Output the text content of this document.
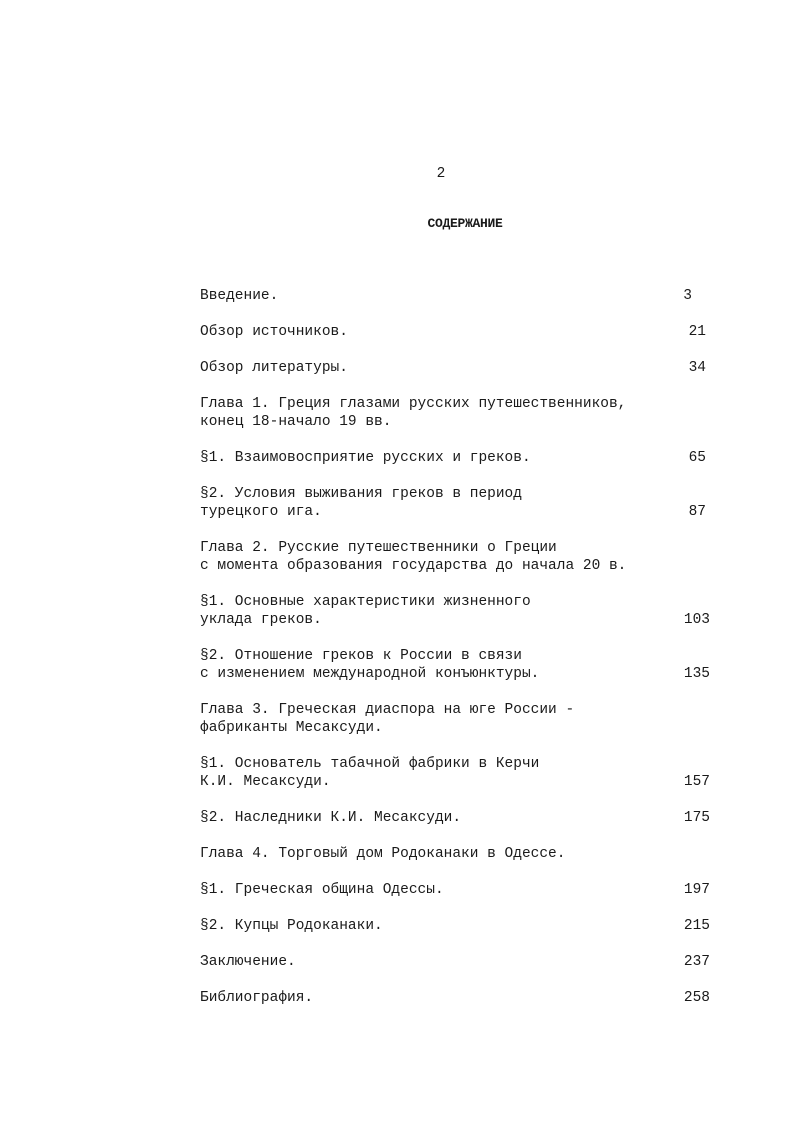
2
СОДЕРЖАНИЕ
Введение.	3
Обзор источников.	21
Обзор литературы.	34
Глава 1. Греция глазами русских путешественников,
конец 18-начало 19 вв.
§1. Взаимовосприятие русских и греков.	65
§2. Условия выживания греков в период
турецкого ига.	87
Глава 2. Русские путешественники о Греции
с момента образования государства до начала 20 в.
§1. Основные характеристики жизненного
уклада греков.	103
§2. Отношение греков к России в связи
с изменением международной конъюнктуры.	135
Глава 3. Греческая диаспора на юге России -
фабриканты Месаксуди.
§1. Основатель табачной фабрики в Керчи
К.И. Месаксуди.	157
§2. Наследники К.И. Месаксуди.	175
Глава 4. Торговый дом Родоканаки в Одессе.
§1. Греческая община Одессы.	197
§2. Купцы Родоканаки.	215
Заключение.	237
Библиография.	258
